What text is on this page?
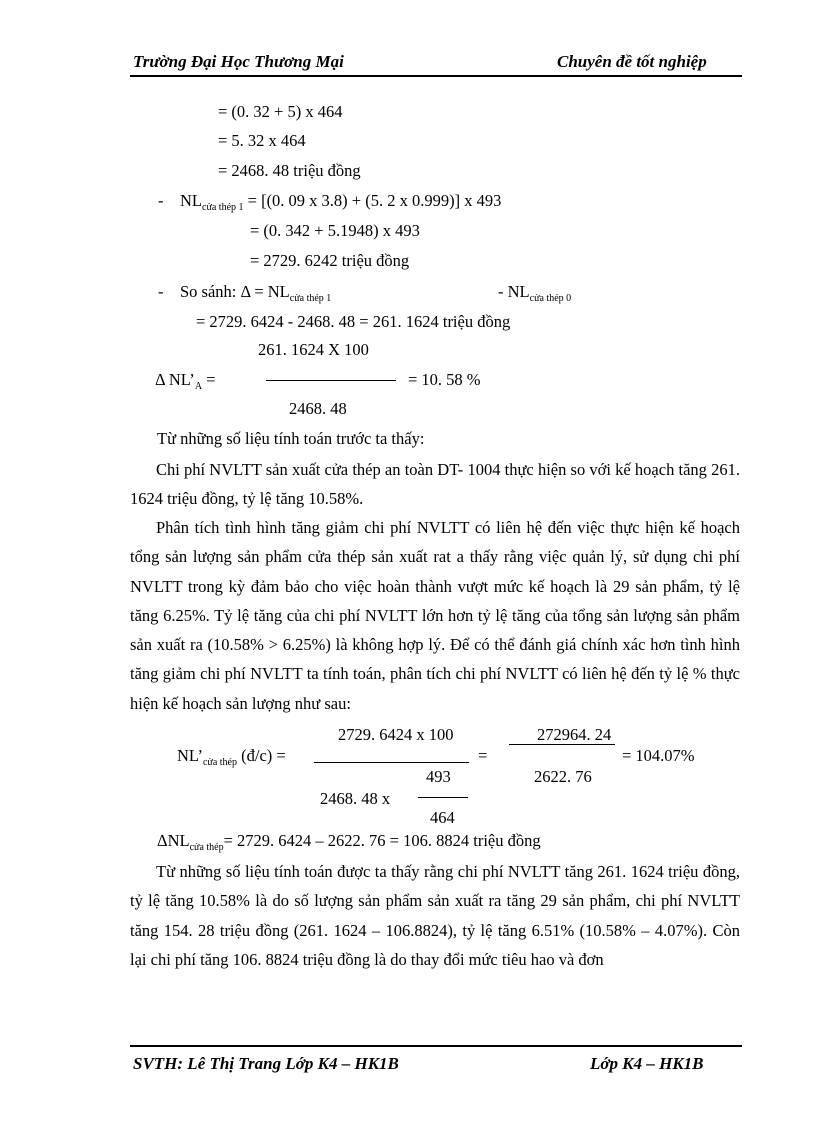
Trường Đại Học Thương Mại	Chuyên đề tốt nghiệp
= (0. 32 + 5) x 464
= 5. 32 x 464
= 2468. 48 triệu đồng
- $NL_{cửa thép 1} = [(0$. 09 x 3.8) + (5. 2 x 0.999)] x 493
= (0. 342 + 5.1948) x 493
= 2729. 6242 triệu đồng
- So sánh: $\Delta = NL_{cửa thép 1}$	- $NL_{cửa thép 0}$
= 2729. 6424 - 2468. 48 = 261. 1624 triệu đồng
261. 1624 X 100
Δ $NL’_A$ =	= 10. 58 %
2468. 48
Từ những số liệu tính toán trước ta thấy:

Chi phí NVLTT sản xuất cửa thép an toàn DT- 1004 thực hiện so với kế hoạch tăng 261. 1624 triệu đồng, tỷ lệ tăng 10.58%.

Phân tích tình hình tăng giảm chi phí NVLTT có liên hệ đến việc thực hiện kế hoạch tổng sản lượng sản phẩm cửa thép sản xuất rat a thấy rằng việc quản lý, sử dụng chi phí NVLTT trong kỳ đảm bảo cho việc hoàn thành vượt mức kế hoạch là 29 sản phẩm, tỷ lệ tăng 6.25%. Tỷ lệ tăng của chi phí NVLTT lớn hơn tỷ lệ tăng của tổng sản lượng sản phẩm sản xuất ra (10.58% > 6.25%) là không hợp lý. Để có thể đánh giá chính xác hơn tình hình tăng giảm chi phí NVLTT ta tính toán, phân tích chi phí NVLTT có liên hệ đến tỷ lệ % thực hiện kế hoạch sản lượng như sau:

2729. 6424 x 100	272964. 24
$NL’_{cửa thép}$ (đ/c) =	=	= 104.07%
493
2468. 48 x
2622. 76
464
$\Delta NL_{cửa thép}= 2729$. 6424 – 2622. 76 = 106. 8824 triệu đồng

Từ những số liệu tính toán được ta thấy rằng chi phí NVLTT tăng 261. 1624 triệu đồng, tỷ lệ tăng 10.58% là do số lượng sản phẩm sản xuất ra tăng 29 sản phẩm, chi phí NVLTT tăng 154. 28 triệu đồng (261. 1624 – 106.8824), tỷ lệ tăng 6.51% (10.58% – 4.07%). Còn lại chi phí tăng 106. 8824 triệu đồng là do thay đổi mức tiêu hao và đơn

SVTH: Lê Thị Trang Lớp K4 – HK1B	Lớp K4 – HK1B
